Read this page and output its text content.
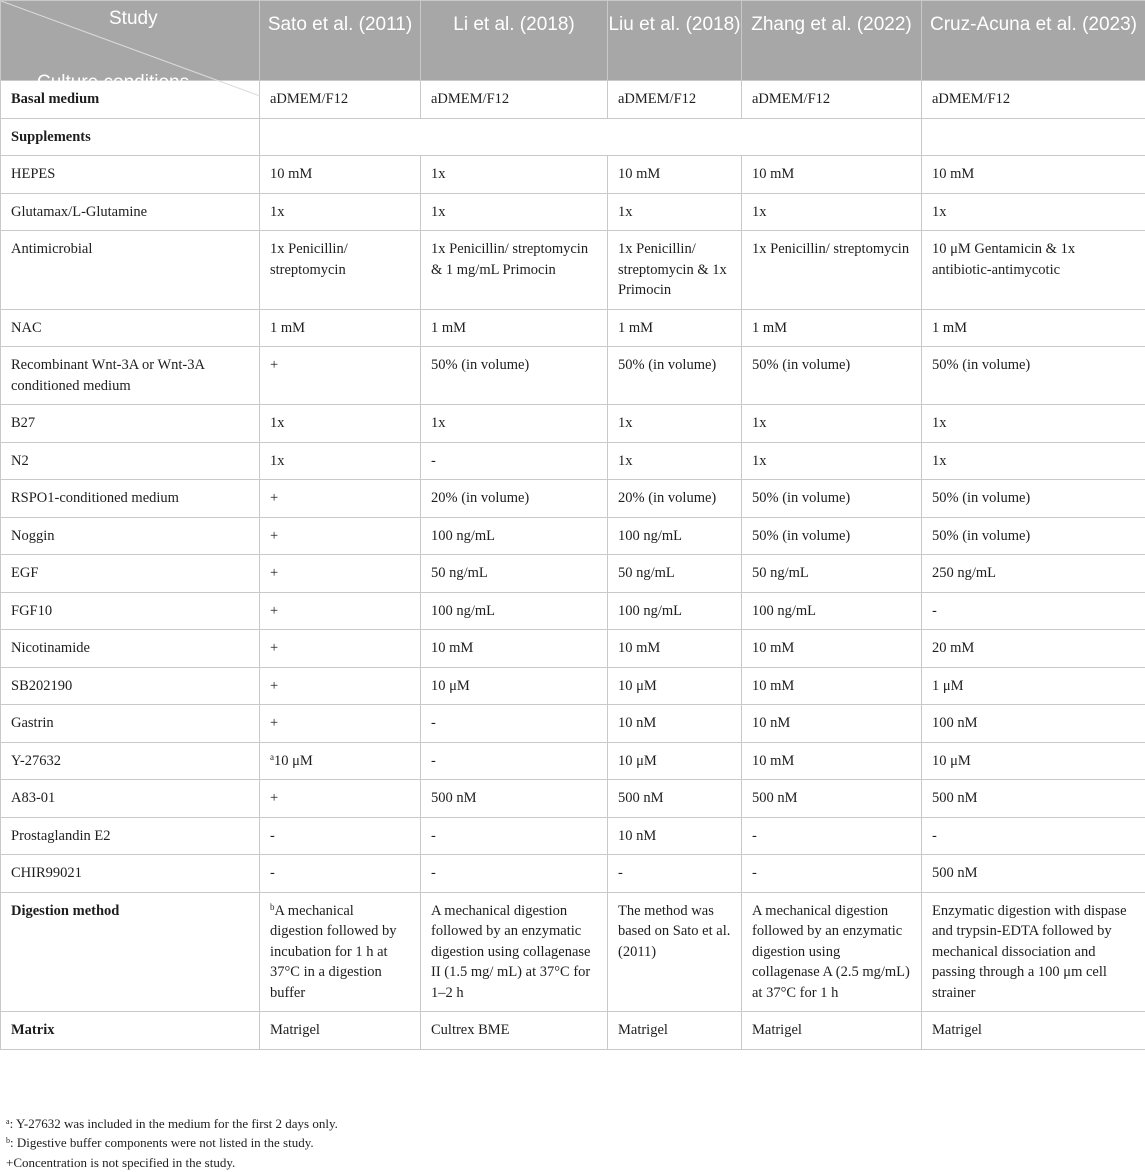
Study
Culture conditions	Sato et al. (2011)	Li et al. (2018)	Liu et al. (2018)	Zhang et al. (2022)	Cruz-Acuna et al. (2023)

Basal medium	aDMEM/F12	aDMEM/F12	aDMEM/F12	aDMEM/F12	aDMEM/F12
Supplements					
HEPES	10 mM	1x	10 mM	10 mM	10 mM
Glutamax/L-Glutamine	1x	1x	1x	1x	1x
Antimicrobial	1x Penicillin/ streptomycin	1x Penicillin/ streptomycin & 1 mg/mL Primocin	1x Penicillin/ streptomycin & 1x Primocin	1x Penicillin/ streptomycin	10 μM Gentamicin & 1x antibiotic-antimycotic
NAC	1 mM	1 mM	1 mM	1 mM	1 mM
Recombinant Wnt-3A or Wnt-3A conditioned medium	+	50% (in volume)	50% (in volume)	50% (in volume)	50% (in volume)
B27	1x	1x	1x	1x	1x
N2	1x	-	1x	1x	1x
RSPO1-conditioned medium	+	20% (in volume)	20% (in volume)	50% (in volume)	50% (in volume)
Noggin	+	100 ng/mL	100 ng/mL	50% (in volume)	50% (in volume)
EGF	+	50 ng/mL	50 ng/mL	50 ng/mL	250 ng/mL
FGF10	+	100 ng/mL	100 ng/mL	100 ng/mL	-
Nicotinamide	+	10 mM	10 mM	10 mM	20 mM
SB202190	+	10 μM	10 μM	10 mM	1 μM
Gastrin	+	-	10 nM	10 nM	100 nM
Y-27632	$^a$10 μM	-	10 μM	10 mM	10 μM
A83-01	+	500 nM	500 nM	500 nM	500 nM
Prostaglandin E2	-	-	10 nM	-	-
CHIR99021	-	-	-	-	500 nM
Digestion method	$^b$A mechanical digestion followed by incubation for 1 h at 37°C in a digestion buffer	A mechanical digestion followed by an enzymatic digestion using collagenase II (1.5 mg/ mL) at 37°C for 1–2 h	The method was based on Sato et al. (2011)	A mechanical digestion followed by an enzymatic digestion using collagenase A (2.5 mg/mL) at 37°C for 1 h	Enzymatic digestion with dispase and trypsin-EDTA followed by mechanical dissociation and passing through a 100 μm cell strainer
Matrix	Matrigel	Cultrex BME	Matrigel	Matrigel	Matrigel
$^a$: Y-27632 was included in the medium for the first 2 days only.
$^b$: Digestive buffer components were not listed in the study.
+Concentration is not specified in the study.
